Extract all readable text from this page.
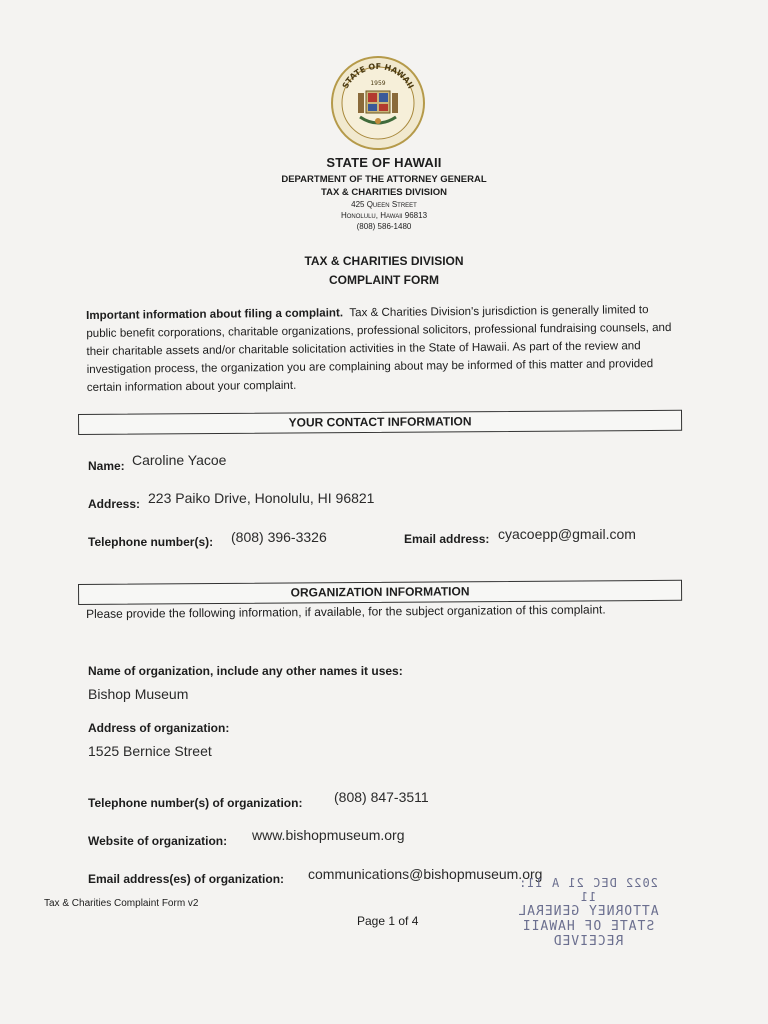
STATE OF HAWAII
1959
STATE OF HAWAII
DEPARTMENT OF THE ATTORNEY GENERAL
TAX & CHARITIES DIVISION
425 Queen Street
Honolulu, Hawaii 96813
(808) 586-1480
TAX & CHARITIES DIVISION
COMPLAINT FORM
Important information about filing a complaint. Tax & Charities Division's jurisdiction is generally limited to public benefit corporations, charitable organizations, professional solicitors, professional fundraising counsels, and their charitable assets and/or charitable solicitation activities in the State of Hawaii. As part of the review and investigation process, the organization you are complaining about may be informed of this matter and provided certain information about your complaint.
YOUR CONTACT INFORMATION
Name: Caroline Yacoe
Address: 223 Paiko Drive, Honolulu, HI 96821
Telephone number(s): (808) 396-3326	Email address: cyacoepp@gmail.com
ORGANIZATION INFORMATION
Please provide the following information, if available, for the subject organization of this complaint.
Name of organization, include any other names it uses:
Bishop Museum
Address of organization:
1525 Bernice Street
Telephone number(s) of organization: (808) 847-3511
Website of organization: www.bishopmuseum.org
Email address(es) of organization: communications@bishopmuseum.org
Tax & Charities Complaint Form v2
Page 1 of 4
2022 DEC 21 A 11: 11
ATTORNEY GENERAL
STATE OF HAWAII
RECEIVED
